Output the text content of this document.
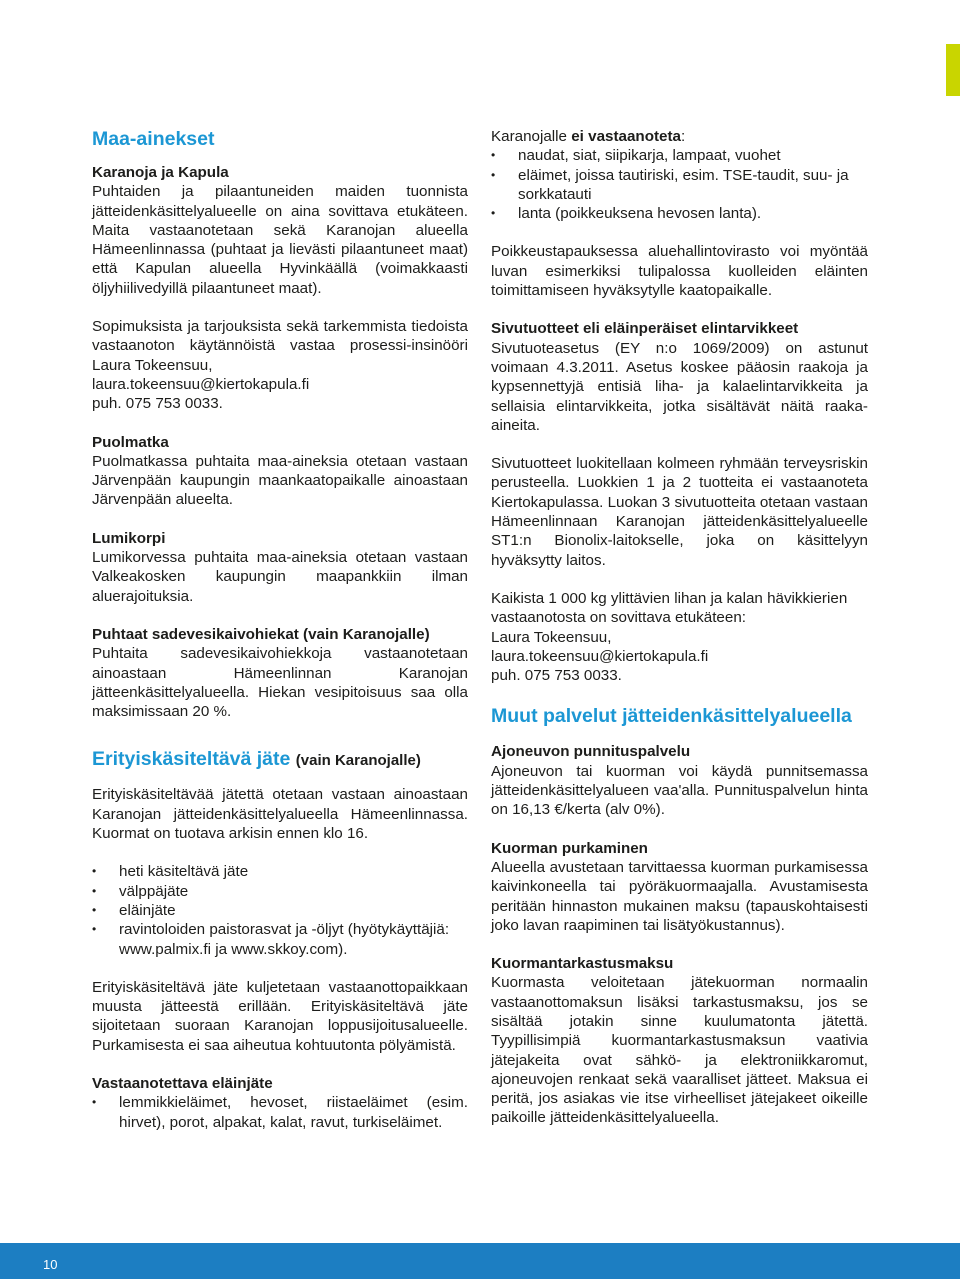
Maa-ainekset
Karanoja ja Kapula

Puhtaiden ja pilaantuneiden maiden tuonnista jätteidenkäsittelyalueelle on aina sovittava etukäteen. Maita vastaanotetaan sekä Karanojan alueella Hämeenlinnassa (puhtaat ja lievästi pilaantuneet maat) että Kapulan alueella Hyvinkäällä (voimakkaasti öljyhiilivedyillä pilaantuneet maat).

Sopimuksista ja tarjouksista sekä tarkemmista tiedoista vastaanoton käytännöistä vastaa prosessi-insinööri Laura Tokeensuu,
laura.tokeensuu@kiertokapula.fi
puh. 075 753 0033.

Puolmatka

Puolmatkassa puhtaita maa-aineksia otetaan vastaan Järvenpään kaupungin maankaatopaikalle ainoastaan Järvenpään alueelta.

Lumikorpi

Lumikorvessa puhtaita maa-aineksia otetaan vastaan Valkeakosken kaupungin maapankkiin ilman aluerajoituksia.

Puhtaat sadevesikaivohiekat (vain Karanojalle)

Puhtaita sadevesikaivohiekkoja vastaanotetaan ainoastaan Hämeenlinnan Karanojan jätteenkäsittelyalueella. Hiekan vesipitoisuus saa olla maksimissaan 20 %.

Erityiskäsiteltävä jäte (vain Karanojalle)

Erityiskäsiteltävää jätettä otetaan vastaan ainoastaan Karanojan jätteidenkäsittelyalueella Hämeenlinnassa. Kuormat on tuotava arkisin ennen klo 16.

• heti käsiteltävä jäte
• välppäjäte
• eläinjäte
• ravintoloiden paistorasvat ja -öljyt (hyötykäyttäjiä: www.palmix.fi ja www.skkoy.com).

Erityiskäsiteltävä jäte kuljetetaan vastaanottopaikkaan muusta jätteestä erillään. Erityiskäsiteltävä jäte sijoitetaan suoraan Karanojan loppusijoitusalueelle. Purkamisesta ei saa aiheutua kohtuutonta pölyämistä.

Vastaanotettava eläinjäte
• lemmikkieläimet, hevoset, riistaeläimet (esim. hirvet), porot, alpakat, kalat, ravut, turkiseläimet.
Karanojalle ei vastaanoteta:
• naudat, siat, siipikarja, lampaat, vuohet
• eläimet, joissa tautiriski, esim. TSE-taudit, suu- ja sorkkatauti
• lanta (poikkeuksena hevosen lanta).

Poikkeustapauksessa aluehallintovirasto voi myöntää luvan esimerkiksi tulipalossa kuolleiden eläinten toimittamiseen hyväksytylle kaatopaikalle.

Sivutuotteet eli eläinperäiset elintarvikkeet

Sivutuoteasetus (EY n:o 1069/2009) on astunut voimaan 4.3.2011. Asetus koskee pääosin raakoja ja kypsennettyjä entisiä liha- ja kalaelintarvikkeita ja sellaisia elintarvikkeita, jotka sisältävät näitä raaka-aineita.

Sivutuotteet luokitellaan kolmeen ryhmään terveysriskin perusteella. Luokkien 1 ja 2 tuotteita ei vastaanoteta Kiertokapulassa. Luokan 3 sivutuotteita otetaan vastaan Hämeenlinnaan Karanojan jätteidenkäsittelyalueelle ST1:n Bionolix-laitokselle, joka on käsittelyyn hyväksytty laitos.

Kaikista 1 000 kg ylittävien lihan ja kalan hävikkierien vastaanotosta on sovittava etukäteen:
Laura Tokeensuu,
laura.tokeensuu@kiertokapula.fi
puh. 075 753 0033.

Muut palvelut jätteidenkäsittelyalueella
Ajoneuvon punnituspalvelu

Ajoneuvon tai kuorman voi käydä punnitsemassa jätteidenkäsittelyalueen vaa'alla. Punnituspalvelun hinta on 16,13 €/kerta (alv 0%).

Kuorman purkaminen

Alueella avustetaan tarvittaessa kuorman purkamisessa kaivinkoneella tai pyöräkuormaajalla. Avustamisesta peritään hinnaston mukainen maksu (tapauskohtaisesti joko lavan raapiminen tai lisätyökustannus).

Kuormantarkastusmaksu

Kuormasta veloitetaan jätekuorman normaalin vastaanottomaksun lisäksi tarkastusmaksu, jos se sisältää jotakin sinne kuulumatonta jätettä. Tyypillisimpiä kuormantarkastusmaksun vaativia jätejakeita ovat sähkö- ja elektroniikkaromut, ajoneuvojen renkaat sekä vaaralliset jätteet. Maksua ei peritä, jos asiakas vie itse virheelliset jätejakeet oikeille paikoille jätteidenkäsittelyalueella.

10
